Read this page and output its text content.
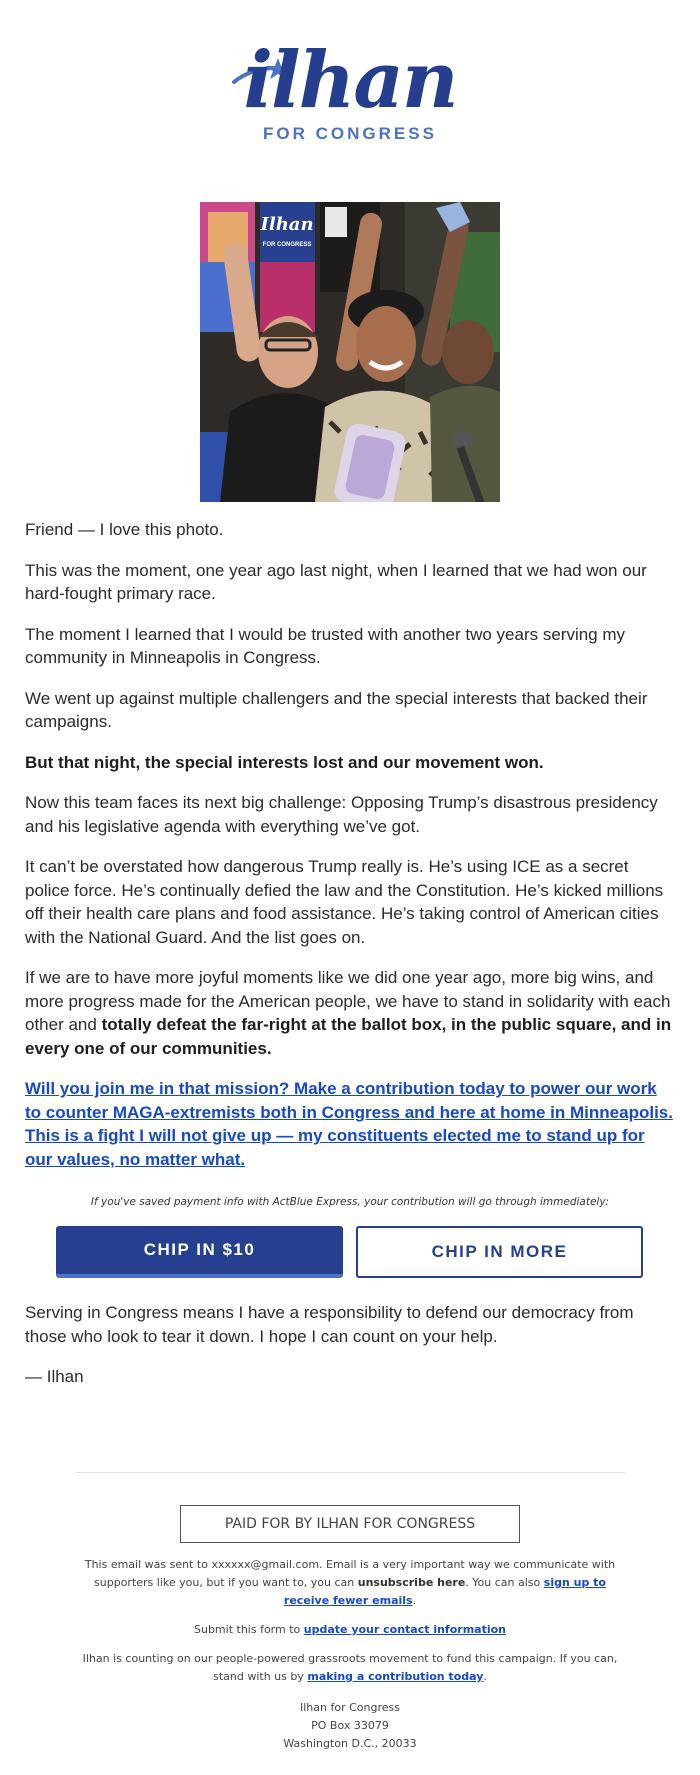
ilhan
FOR CONGRESS
Ilhan
FOR CONGRESS

Friend — I love this photo.

This was the moment, one year ago last night, when I learned that we had won our hard-fought primary race.

The moment I learned that I would be trusted with another two years serving my community in Minneapolis in Congress.

We went up against multiple challengers and the special interests that backed their campaigns.

But that night, the special interests lost and our movement won.

Now this team faces its next big challenge: Opposing Trump’s disastrous presidency and his legislative agenda with everything we’ve got.

It can’t be overstated how dangerous Trump really is. He’s using ICE as a secret police force. He’s continually defied the law and the Constitution. He’s kicked millions off their health care plans and food assistance. He’s taking control of American cities with the National Guard. And the list goes on.

If we are to have more joyful moments like we did one year ago, more big wins, and more progress made for the American people, we have to stand in solidarity with each other and totally defeat the far-right at the ballot box, in the public square, and in every one of our communities.

Will you join me in that mission? Make a contribution today to power our work to counter MAGA-extremists both in Congress and here at home in Minneapolis. This is a fight I will not give up — my constituents elected me to stand up for our values, no matter what.

If you've saved payment info with ActBlue Express, your contribution will go through immediately:
CHIP IN $10	CHIP IN MORE

Serving in Congress means I have a responsibility to defend our democracy from those who look to tear it down. I hope I can count on your help.

— Ilhan

PAID FOR BY ILHAN FOR CONGRESS
This email was sent to xxxxxx@gmail.com. Email is a very important way we communicate with supporters like you, but if you want to, you can unsubscribe here. You can also sign up to receive fewer emails.
Submit this form to update your contact information
Ilhan is counting on our people-powered grassroots movement to fund this campaign. If you can, stand with us by making a contribution today.
Ilhan for Congress
PO Box 33079
Washington D.C., 20033
